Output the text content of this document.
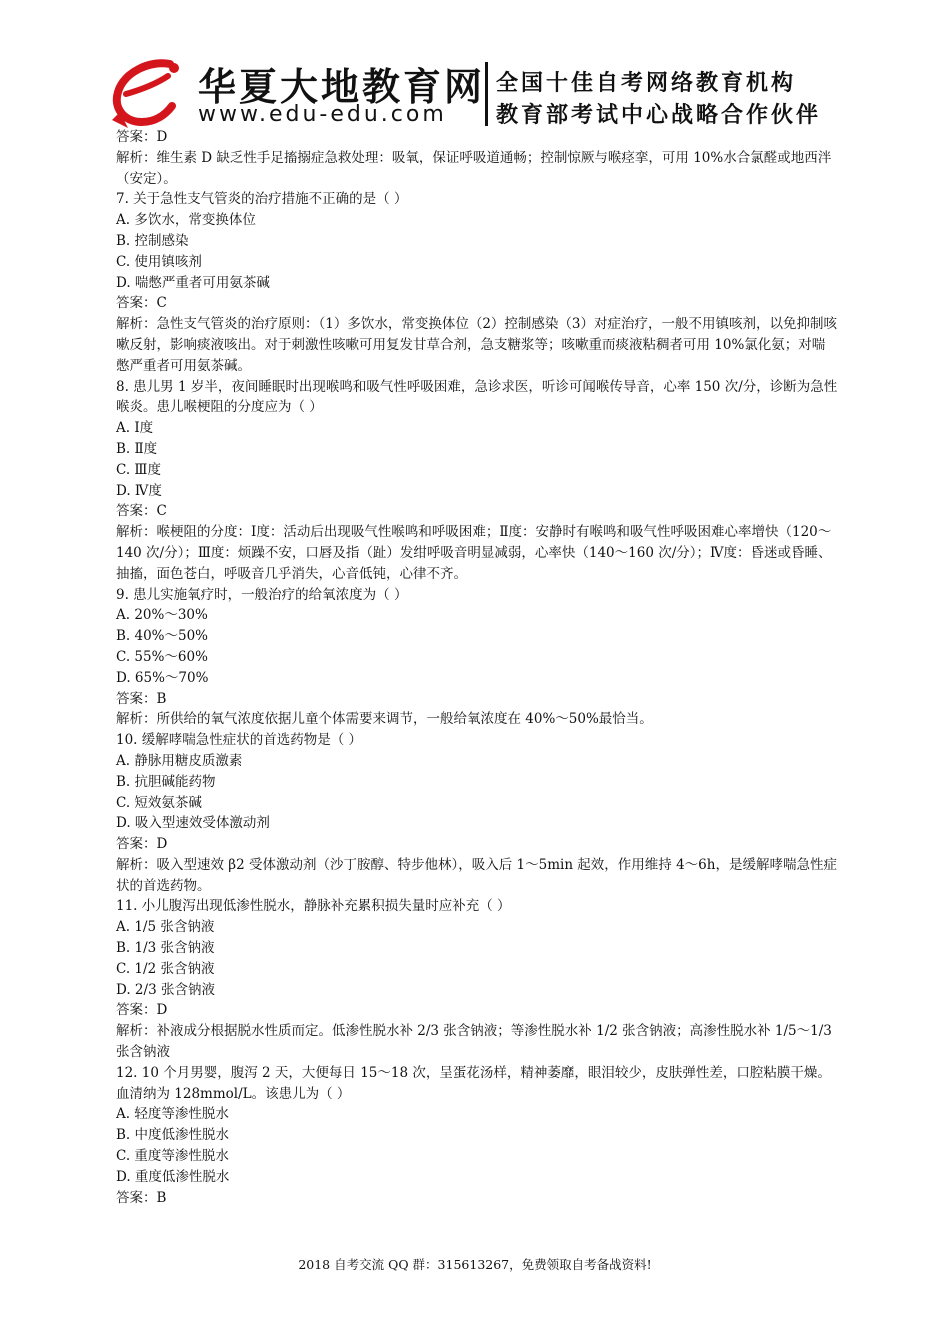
华夏大地教育网
www.edu-edu.com
全国十佳自考网络教育机构
教育部考试中心战略合作伙伴
答案：D
解析：维生素 D 缺乏性手足搐搦症急救处理：吸氧，保证呼吸道通畅；控制惊厥与喉痉挛，可用 10%水合氯醛或地西泮（安定）。
7. 关于急性支气管炎的治疗措施不正确的是（ ）
A. 多饮水，常变换体位
B. 控制感染
C. 使用镇咳剂
D. 喘憋严重者可用氨茶碱
答案：C
解析：急性支气管炎的治疗原则：（1）多饮水，常变换体位（2）控制感染（3）对症治疗，一般不用镇咳剂，以免抑制咳嗽反射，影响痰液咳出。对于刺激性咳嗽可用复发甘草合剂，急支糖浆等；咳嗽重而痰液粘稠者可用 10%氯化氨；对喘憋严重者可用氨茶碱。
8. 患儿男 1 岁半，夜间睡眠时出现喉鸣和吸气性呼吸困难，急诊求医，听诊可闻喉传导音，心率 150 次/分，诊断为急性喉炎。患儿喉梗阻的分度应为（ ）
A. Ⅰ度
B. Ⅱ度
C. Ⅲ度
D. Ⅳ度
答案：C
解析：喉梗阻的分度：Ⅰ度：活动后出现吸气性喉鸣和呼吸困难；Ⅱ度：安静时有喉鸣和吸气性呼吸困难心率增快（120～140 次/分）；Ⅲ度：烦躁不安，口唇及指（趾）发绀呼吸音明显减弱，心率快（140～160 次/分）；Ⅳ度：昏迷或昏睡、抽搐，面色苍白，呼吸音几乎消失，心音低钝，心律不齐。
9. 患儿实施氧疗时，一般治疗的给氧浓度为（ ）
A. 20%～30%
B. 40%～50%
C. 55%～60%
D. 65%～70%
答案：B
解析：所供给的氧气浓度依据儿童个体需要来调节，一般给氧浓度在 40%～50%最恰当。
10. 缓解哮喘急性症状的首选药物是（ ）
A. 静脉用糖皮质激素
B. 抗胆碱能药物
C. 短效氨茶碱
D. 吸入型速效受体激动剂
答案：D
解析：吸入型速效 β2 受体激动剂（沙丁胺醇、特步他林），吸入后 1～5min 起效，作用维持 4～6h，是缓解哮喘急性症状的首选药物。
11. 小儿腹泻出现低渗性脱水，静脉补充累积损失量时应补充（ ）
A. 1/5 张含钠液
B. 1/3 张含钠液
C. 1/2 张含钠液
D. 2/3 张含钠液
答案：D
解析：补液成分根据脱水性质而定。低渗性脱水补 2/3 张含钠液；等渗性脱水补 1/2 张含钠液；高渗性脱水补 1/5～1/3 张含钠液
12. 10 个月男婴，腹泻 2 天，大便每日 15～18 次，呈蛋花汤样，精神萎靡，眼泪较少，皮肤弹性差，口腔粘膜干燥。血清纳为 128mmol/L。该患儿为（ ）
A. 轻度等渗性脱水
B. 中度低渗性脱水
C. 重度等渗性脱水
D. 重度低渗性脱水
答案：B
2018 自考交流 QQ 群：315613267，免费领取自考备战资料!
